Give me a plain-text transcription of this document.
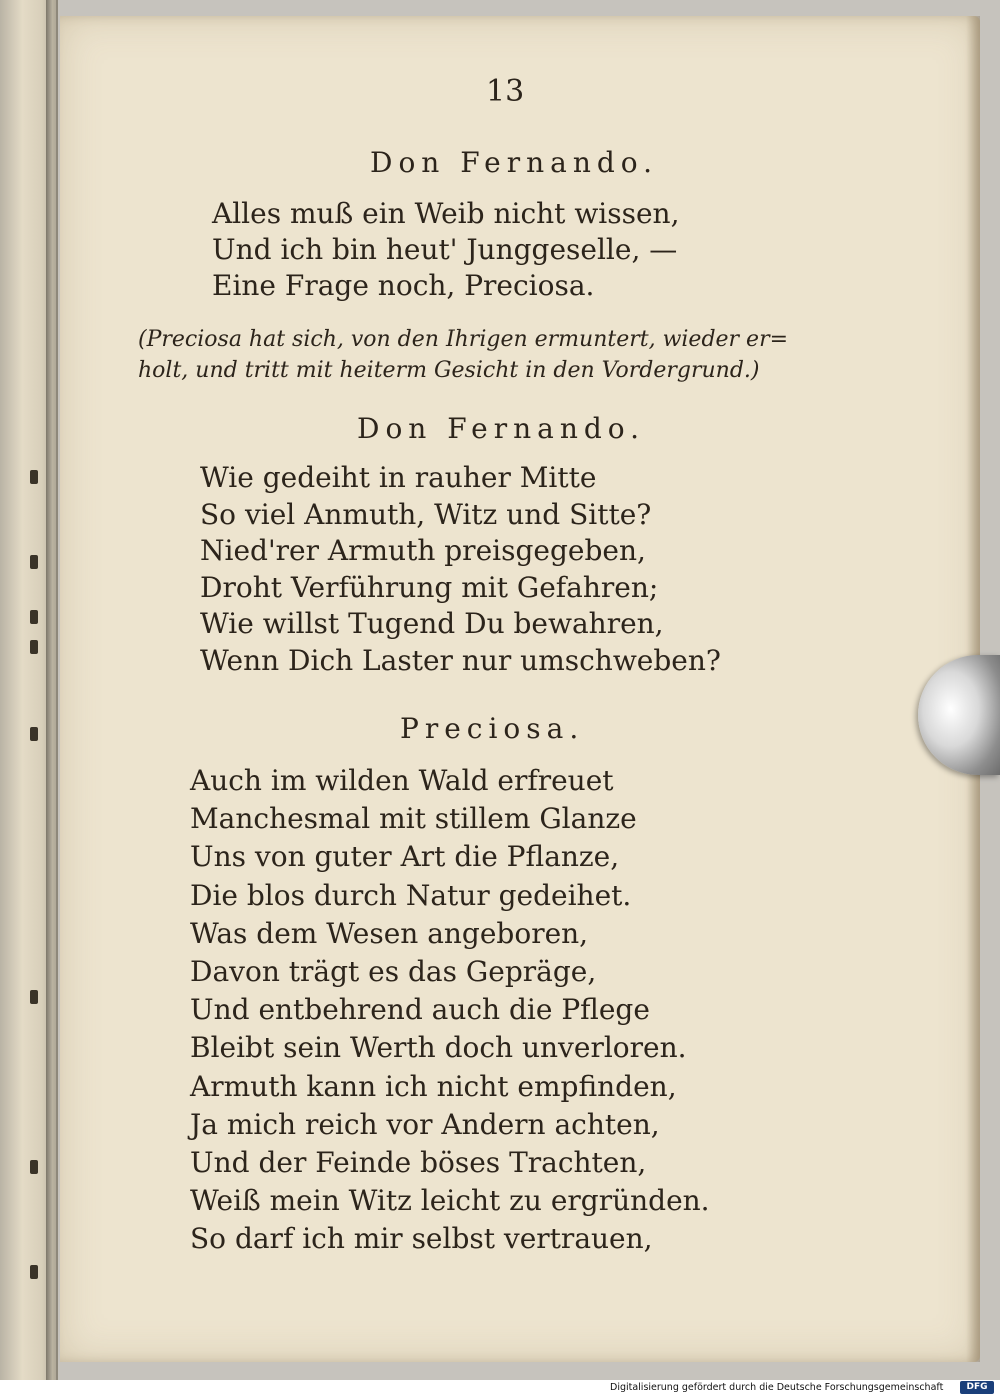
13
Don Fernando.
Alles muß ein Weib nicht wissen,
Und ich bin heut' Junggeselle, —
Eine Frage noch, Preciosa.
(Preciosa hat sich, von den Ihrigen ermuntert, wieder er=
holt, und tritt mit heiterm Gesicht in den Vordergrund.)
Don Fernando.
Wie gedeiht in rauher Mitte
So viel Anmuth, Witz und Sitte?
Nied'rer Armuth preisgegeben,
Droht Verführung mit Gefahren;
Wie willst Tugend Du bewahren,
Wenn Dich Laster nur umschweben?
Preciosa.
Auch im wilden Wald erfreuet
Manchesmal mit stillem Glanze
Uns von guter Art die Pflanze,
Die blos durch Natur gedeihet.
Was dem Wesen angeboren,
Davon trägt es das Gepräge,
Und entbehrend auch die Pflege
Bleibt sein Werth doch unverloren.
Armuth kann ich nicht empfinden,
Ja mich reich vor Andern achten,
Und der Feinde böses Trachten,
Weiß mein Witz leicht zu ergründen.
So darf ich mir selbst vertrauen,
Digitalisierung gefördert durch die Deutsche Forschungsgemeinschaft	DFG
